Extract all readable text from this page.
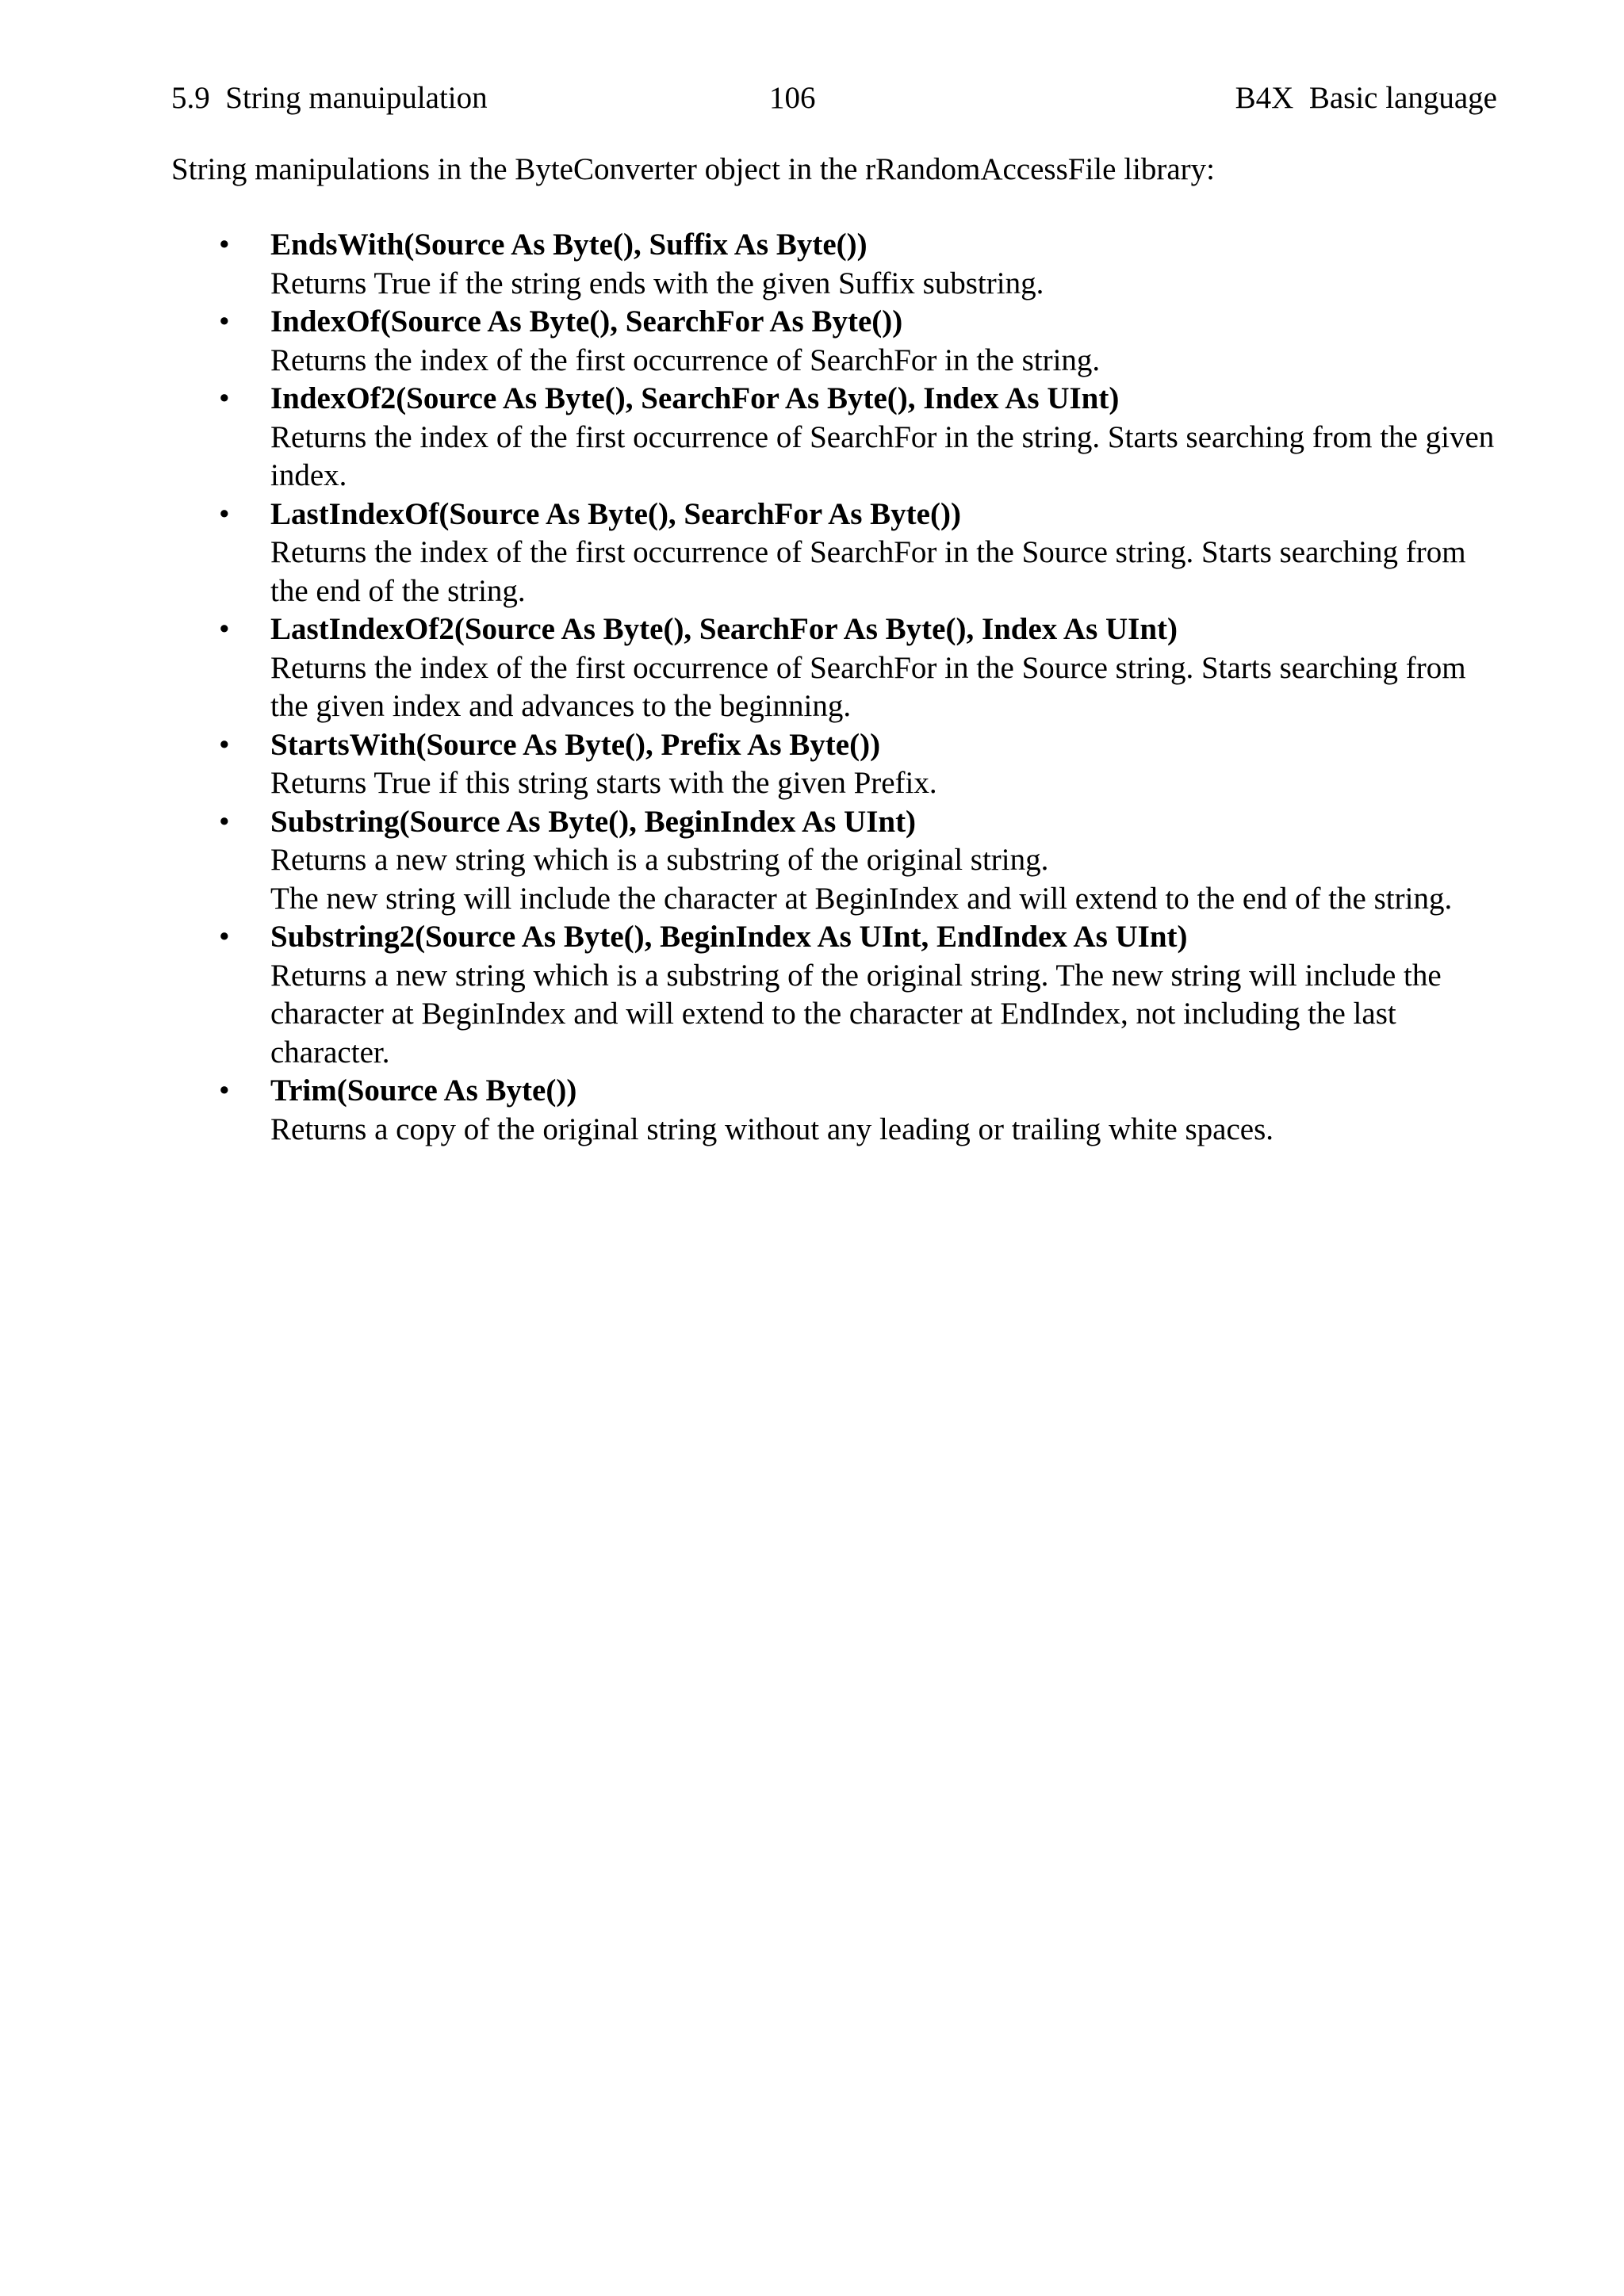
5.9  String manuipulation	106	B4X  Basic language
String manipulations in the ByteConverter object in the rRandomAccessFile library:
• EndsWith(Source As Byte(), Suffix As Byte())
Returns True if the string ends with the given Suffix substring.
• IndexOf(Source As Byte(), SearchFor As Byte())
Returns the index of the first occurrence of SearchFor in the string.
• IndexOf2(Source As Byte(), SearchFor As Byte(), Index As UInt)
Returns the index of the first occurrence of SearchFor in the string. Starts searching from the given index.
• LastIndexOf(Source As Byte(), SearchFor As Byte())
Returns the index of the first occurrence of SearchFor in the Source string. Starts searching from the end of the string.
• LastIndexOf2(Source As Byte(), SearchFor As Byte(), Index As UInt)
Returns the index of the first occurrence of SearchFor in the Source string. Starts searching from the given index and advances to the beginning.
• StartsWith(Source As Byte(), Prefix As Byte())
Returns True if this string starts with the given Prefix.
• Substring(Source As Byte(), BeginIndex As UInt)
Returns a new string which is a substring of the original string.
The new string will include the character at BeginIndex and will extend to the end of the string.
• Substring2(Source As Byte(), BeginIndex As UInt, EndIndex As UInt)
Returns a new string which is a substring of the original string. The new string will include the character at BeginIndex and will extend to the character at EndIndex, not including the last character.
• Trim(Source As Byte())
Returns a copy of the original string without any leading or trailing white spaces.
